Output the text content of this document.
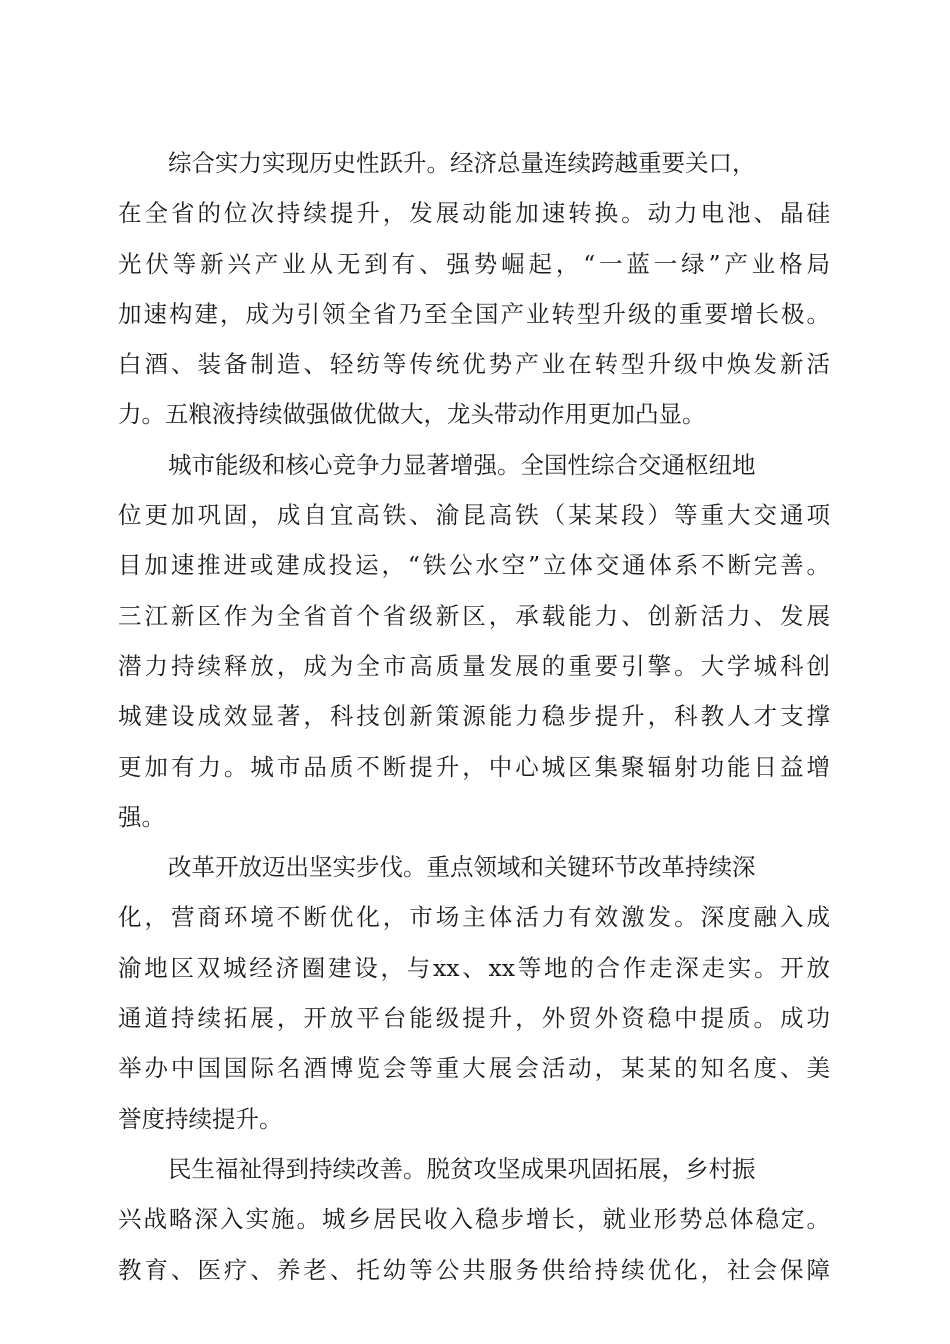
综合实力实现历史性跃升。经济总量连续跨越重要关口，
在全省的位次持续提升，发展动能加速转换。动力电池、晶硅
光伏等新兴产业从无到有、强势崛起，“一蓝一绿”产业格局
加速构建，成为引领全省乃至全国产业转型升级的重要增长极。
白酒、装备制造、轻纺等传统优势产业在转型升级中焕发新活
力。五粮液持续做强做优做大，龙头带动作用更加凸显。
城市能级和核心竞争力显著增强。全国性综合交通枢纽地
位更加巩固，成自宜高铁、渝昆高铁（某某段）等重大交通项
目加速推进或建成投运，“铁公水空”立体交通体系不断完善。
三江新区作为全省首个省级新区，承载能力、创新活力、发展
潜力持续释放，成为全市高质量发展的重要引擎。大学城科创
城建设成效显著，科技创新策源能力稳步提升，科教人才支撑
更加有力。城市品质不断提升，中心城区集聚辐射功能日益增
强。
改革开放迈出坚实步伐。重点领域和关键环节改革持续深
化，营商环境不断优化，市场主体活力有效激发。深度融入成
渝地区双城经济圈建设，与xx、xx等地的合作走深走实。开放
通道持续拓展，开放平台能级提升，外贸外资稳中提质。成功
举办中国国际名酒博览会等重大展会活动，某某的知名度、美
誉度持续提升。
民生福祉得到持续改善。脱贫攻坚成果巩固拓展，乡村振
兴战略深入实施。城乡居民收入稳步增长，就业形势总体稳定。
教育、医疗、养老、托幼等公共服务供给持续优化，社会保障
